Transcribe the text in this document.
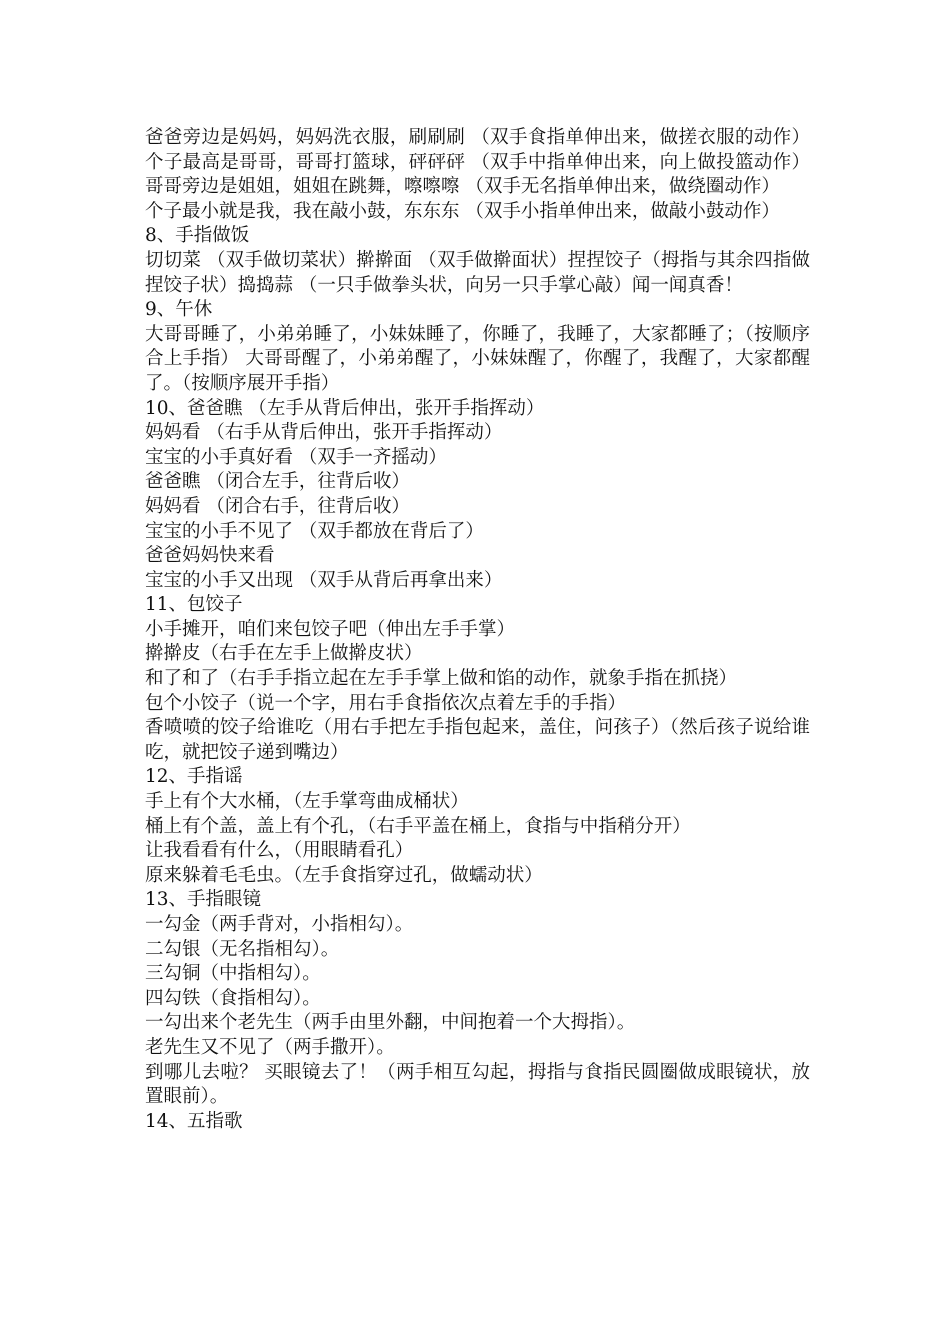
爸爸旁边是妈妈，妈妈洗衣服，刷刷刷 （双手食指单伸出来，做搓衣服的动作） 个子最高是哥哥，哥哥打篮球，砰砰砰 （双手中指单伸出来，向上做投篮动作） 哥哥旁边是姐姐，姐姐在跳舞，嚓嚓嚓 （双手无名指单伸出来，做绕圈动作）

个子最小就是我，我在敲小鼓，东东东 （双手小指单伸出来，做敲小鼓动作）

8、手指做饭

切切菜 （双手做切菜状）擀擀面 （双手做擀面状）捏捏饺子（拇指与其余四指做捏饺子状）捣捣蒜 （一只手做拳头状，向另一只手掌心敲）闻一闻真香！

9、午休

大哥哥睡了，小弟弟睡了，小妹妹睡了，你睡了，我睡了，大家都睡了；（按顺序合上手指） 大哥哥醒了，小弟弟醒了，小妹妹醒了，你醒了，我醒了，大家都醒了。（按顺序展开手指）

10、爸爸瞧 （左手从背后伸出，张开手指挥动）

妈妈看 （右手从背后伸出，张开手指挥动）

宝宝的小手真好看 （双手一齐摇动）

爸爸瞧 （闭合左手，往背后收）

妈妈看 （闭合右手，往背后收）

宝宝的小手不见了 （双手都放在背后了）

爸爸妈妈快来看

宝宝的小手又出现 （双手从背后再拿出来）

11、包饺子

小手摊开，咱们来包饺子吧（伸出左手手掌）

擀擀皮（右手在左手上做擀皮状）

和了和了（右手手指立起在左手手掌上做和馅的动作，就象手指在抓挠）

包个小饺子（说一个字，用右手食指依次点着左手的手指）

香喷喷的饺子给谁吃（用右手把左手指包起来，盖住，问孩子）（然后孩子说给谁吃，就把饺子递到嘴边）

12、手指谣

手上有个大水桶，（左手掌弯曲成桶状）

桶上有个盖，盖上有个孔，（右手平盖在桶上，食指与中指稍分开）

让我看看有什么，（用眼睛看孔）

原来躲着毛毛虫。（左手食指穿过孔，做蠕动状）

13、手指眼镜

一勾金（两手背对，小指相勾）。

二勾银（无名指相勾）。

三勾铜（中指相勾）。

四勾铁（食指相勾）。

一勾出来个老先生（两手由里外翻，中间抱着一个大拇指）。

老先生又不见了（两手撒开）。

到哪儿去啦？ 买眼镜去了！（两手相互勾起，拇指与食指民圆圈做成眼镜状，放置眼前）。

14、五指歌
